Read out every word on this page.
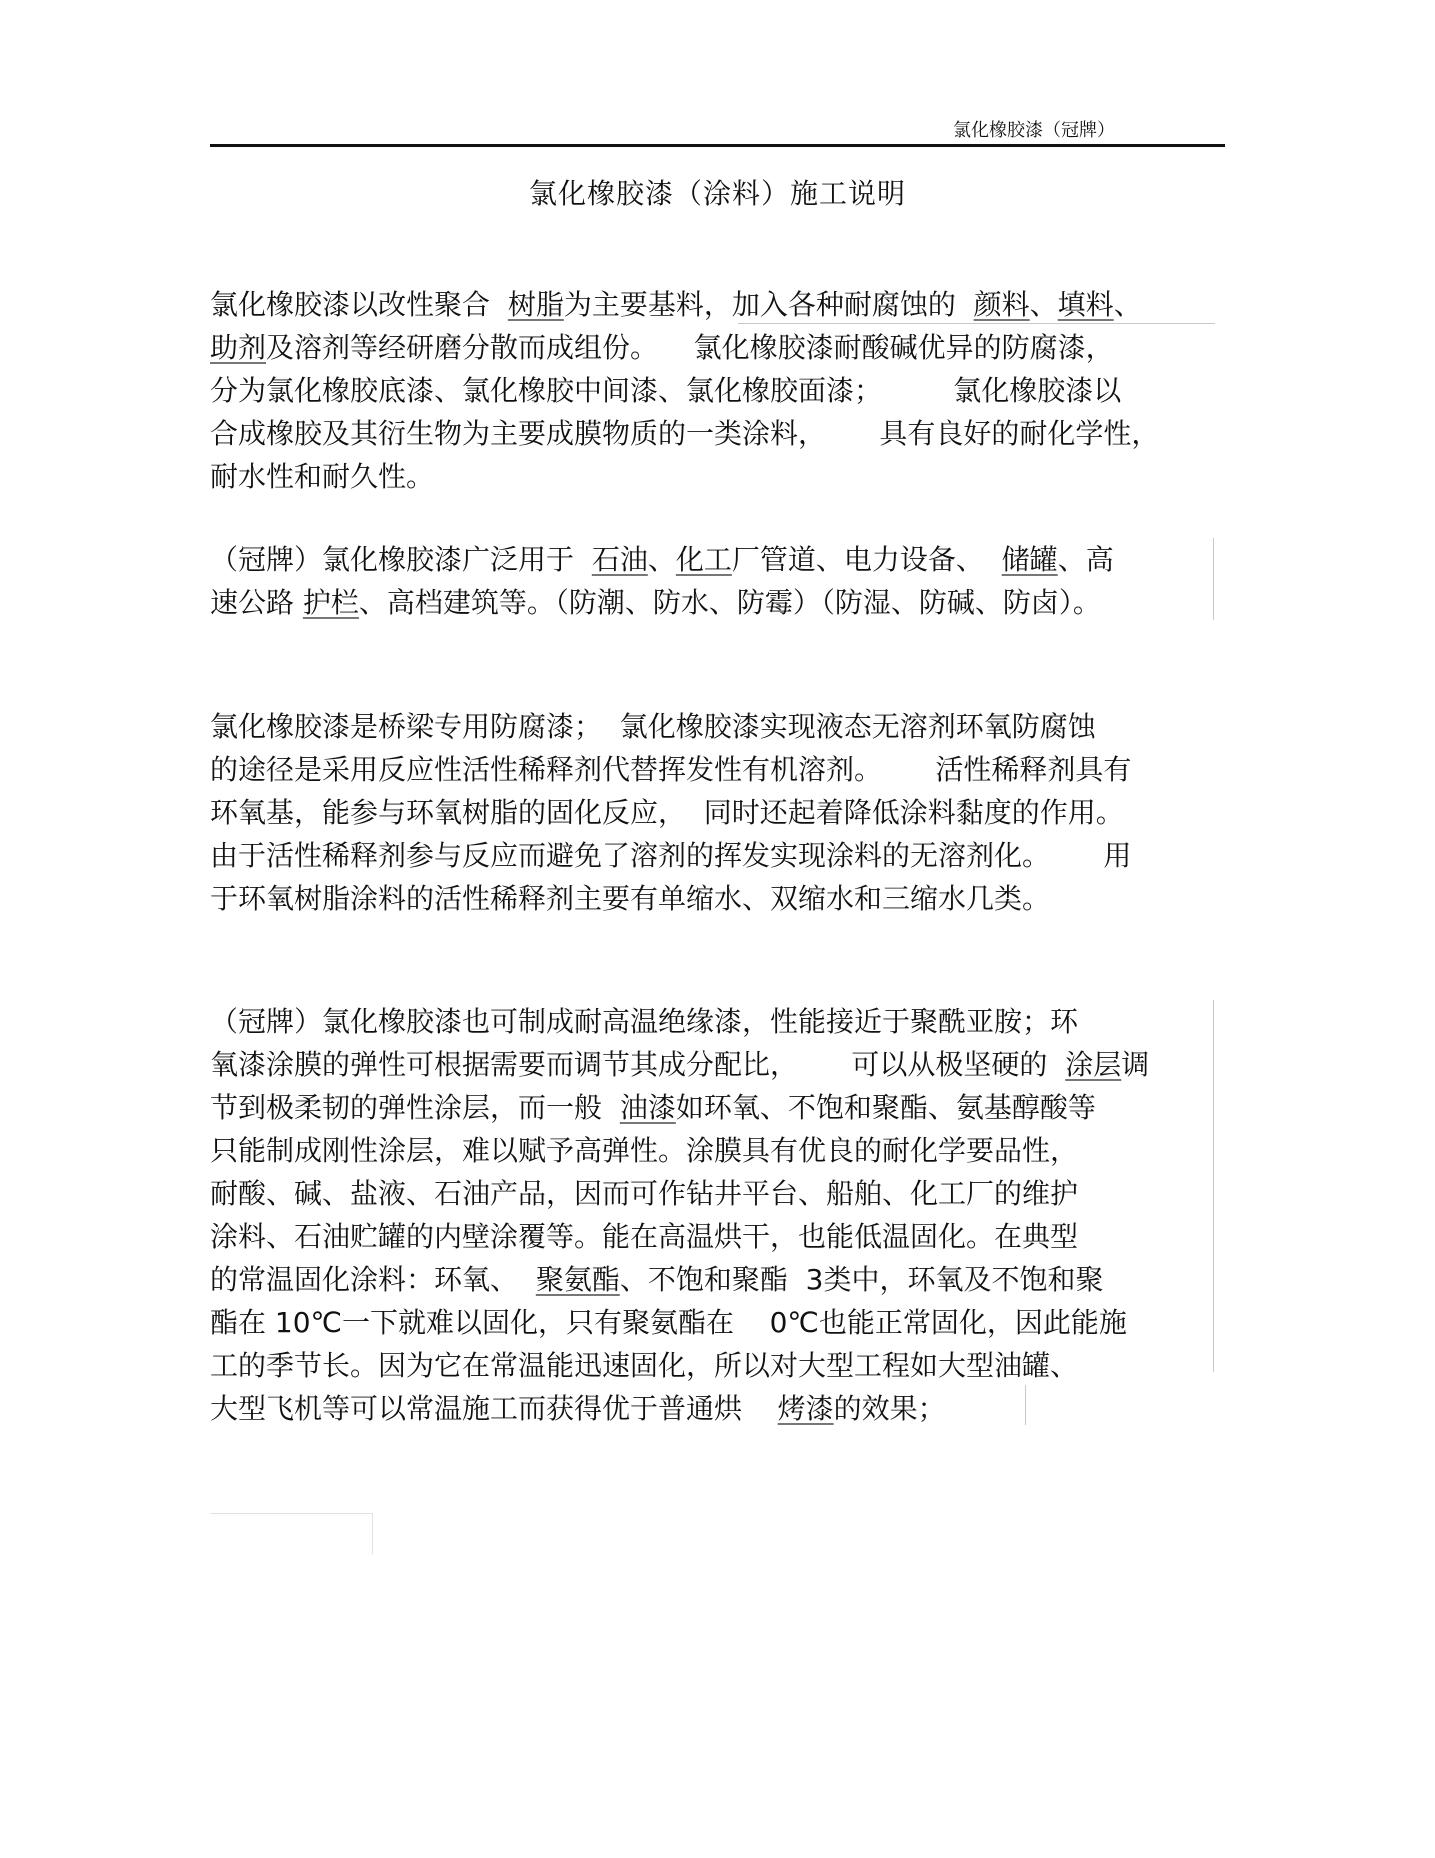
氯化橡胶漆（冠牌）
氯化橡胶漆（涂料）施工说明
氯化橡胶漆以改性聚合  树脂为主要基料，加入各种耐腐蚀的  颜料、填料、
助剂及溶剂等经研磨分散而成组份。    氯化橡胶漆耐酸碱优异的防腐漆，
分为氯化橡胶底漆、氯化橡胶中间漆、氯化橡胶面漆；        氯化橡胶漆以
合成橡胶及其衍生物为主要成膜物质的一类涂料，      具有良好的耐化学性，
耐水性和耐久性。
（冠牌）氯化橡胶漆广泛用于  石油、化工厂管道、电力设备、  储罐、高
速公路 护栏、高档建筑等。（防潮、防水、防霉）（防湿、防碱、防卤）。
氯化橡胶漆是桥梁专用防腐漆；  氯化橡胶漆实现液态无溶剂环氧防腐蚀
的途径是采用反应性活性稀释剂代替挥发性有机溶剂。      活性稀释剂具有
环氧基，能参与环氧树脂的固化反应，  同时还起着降低涂料黏度的作用。
由于活性稀释剂参与反应而避免了溶剂的挥发实现涂料的无溶剂化。      用
于环氧树脂涂料的活性稀释剂主要有单缩水、双缩水和三缩水几类。
（冠牌）氯化橡胶漆也可制成耐高温绝缘漆，性能接近于聚酰亚胺；环
氧漆涂膜的弹性可根据需要而调节其成分配比，      可以从极坚硬的  涂层调
节到极柔韧的弹性涂层，而一般  油漆如环氧、不饱和聚酯、氨基醇酸等
只能制成刚性涂层，难以赋予高弹性。涂膜具有优良的耐化学要品性，
耐酸、碱、盐液、石油产品，因而可作钻井平台、船舶、化工厂的维护
涂料、石油贮罐的内壁涂覆等。能在高温烘干，也能低温固化。在典型
的常温固化涂料：环氧、  聚氨酯、不饱和聚酯  3类中，环氧及不饱和聚
酯在 10℃一下就难以固化，只有聚氨酯在    0℃也能正常固化，因此能施
工的季节长。因为它在常温能迅速固化，所以对大型工程如大型油罐、
大型飞机等可以常温施工而获得优于普通烘    烤漆的效果；
